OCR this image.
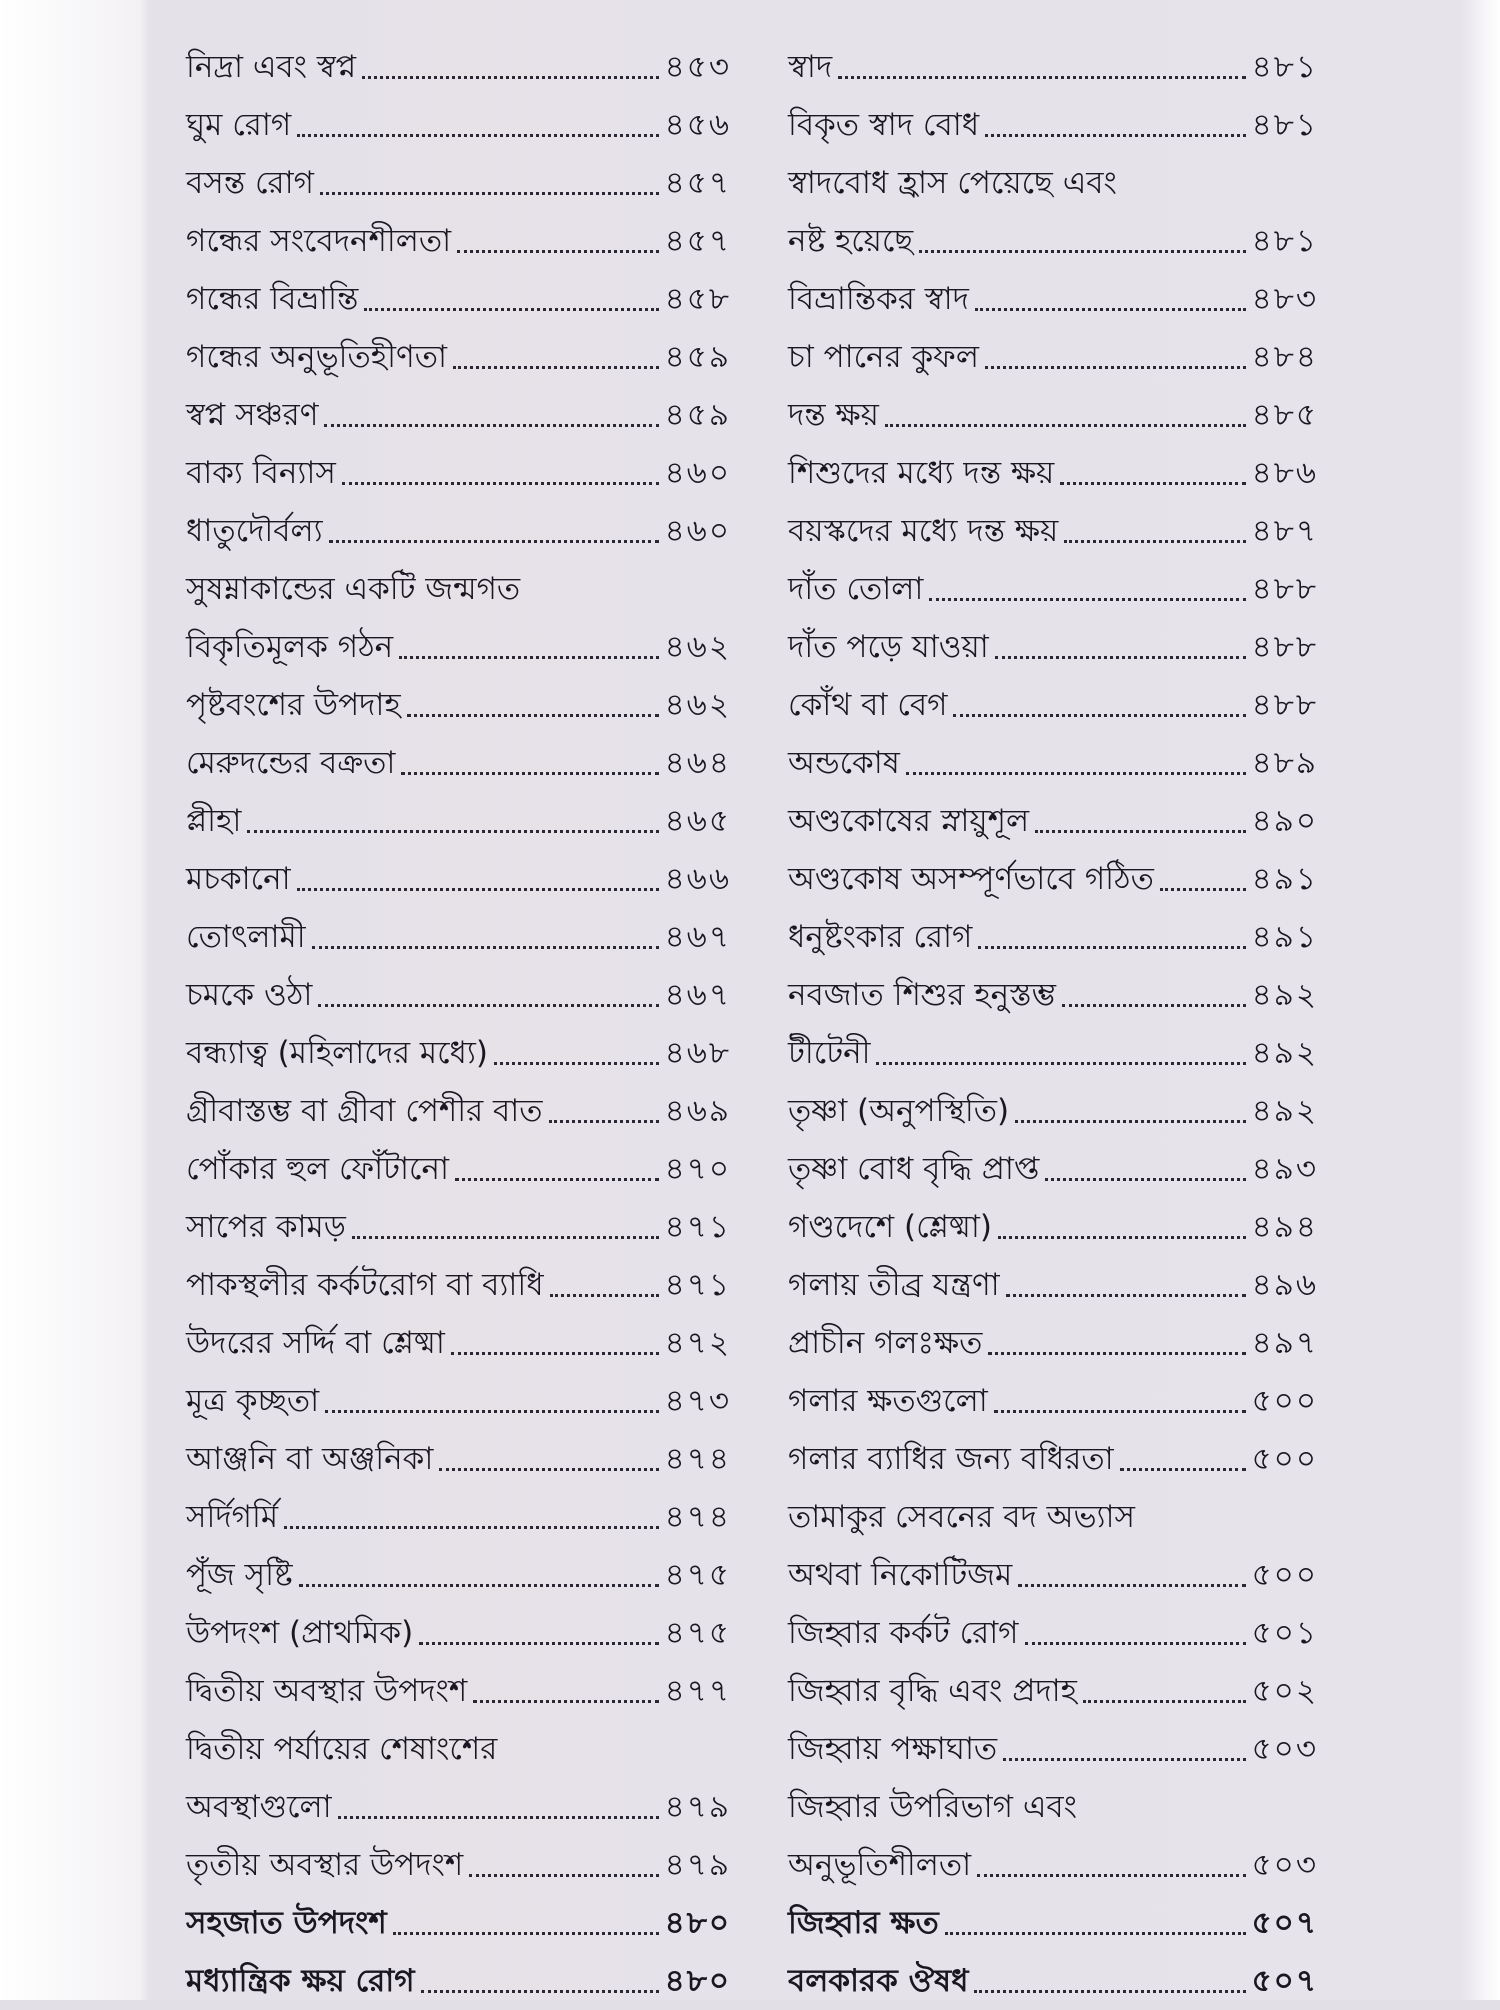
নিদ্রা এবং স্বপ্ন	৪৫৩
ঘুম রোগ	৪৫৬
বসন্ত রোগ	৪৫৭
গন্ধের সংবেদনশীলতা	৪৫৭
গন্ধের বিভ্রান্তি	৪৫৮
গন্ধের অনুভূতিহীণতা	৪৫৯
স্বপ্ন সঞ্চরণ	৪৫৯
বাক্য বিন্যাস	৪৬০
ধাতুদৌর্বল্য	৪৬০
সুষম্নাকান্ডের একটি জন্মগত
বিকৃতিমূলক গঠন	৪৬২
পৃষ্টবংশের উপদাহ	৪৬২
মেরুদন্ডের বক্রতা	৪৬৪
প্লীহা	৪৬৫
মচকানো	৪৬৬
তোৎলামী	৪৬৭
চমকে ওঠা	৪৬৭
বন্ধ্যাত্ব (মহিলাদের মধ্যে)	৪৬৮
গ্রীবাস্তম্ভ বা গ্রীবা পেশীর বাত	৪৬৯
পোঁকার হুল ফোঁটানো	৪৭০
সাপের কামড়	৪৭১
পাকস্থলীর কর্কটরোগ বা ব্যাধি	৪৭১
উদরের সর্দ্দি বা শ্লেষ্মা	৪৭২
মূত্র কৃচ্ছতা	৪৭৩
আঞ্জনি বা অঞ্জনিকা	৪৭৪
সর্দিগর্মি	৪৭৪
পূঁজ সৃষ্টি	৪৭৫
উপদংশ (প্রাথমিক)	৪৭৫
দ্বিতীয় অবস্থার উপদংশ	৪৭৭
দ্বিতীয় পর্যায়ের শেষাংশের
অবস্থাগুলো	৪৭৯
তৃতীয় অবস্থার উপদংশ	৪৭৯
সহজাত উপদংশ	৪৮০
মধ্যান্ত্রিক ক্ষয় রোগ	৪৮০
স্বাদ	৪৮১
বিকৃত স্বাদ বোধ	৪৮১
স্বাদবোধ হ্রাস পেয়েছে এবং
নষ্ট হয়েছে	৪৮১
বিভ্রান্তিকর স্বাদ	৪৮৩
চা পানের কুফল	৪৮৪
দন্ত ক্ষয়	৪৮৫
শিশুদের মধ্যে দন্ত ক্ষয়	৪৮৬
বয়স্কদের মধ্যে দন্ত ক্ষয়	৪৮৭
দাঁত তোলা	৪৮৮
দাঁত পড়ে যাওয়া	৪৮৮
কোঁথ বা বেগ	৪৮৮
অন্ডকোষ	৪৮৯
অণ্ডকোষের স্নায়ুশূল	৪৯০
অণ্ডকোষ অসম্পূর্ণভাবে গঠিত	৪৯১
ধনুষ্টংকার রোগ	৪৯১
নবজাত শিশুর হনুস্তম্ভ	৪৯২
টীটেনী	৪৯২
তৃষ্ণা (অনুপস্থিতি)	৪৯২
তৃষ্ণা বোধ বৃদ্ধি প্রাপ্ত	৪৯৩
গণ্ডদেশে (শ্লেষ্মা)	৪৯৪
গলায় তীব্র যন্ত্রণা	৪৯৬
প্রাচীন গলঃক্ষত	৪৯৭
গলার ক্ষতগুলো	৫০০
গলার ব্যাধির জন্য বধিরতা	৫০০
তামাকুর সেবনের বদ অভ্যাস
অথবা নিকোটিজম	৫০০
জিহ্বার কর্কট রোগ	৫০১
জিহ্বার বৃদ্ধি এবং প্রদাহ	৫০২
জিহ্বায় পক্ষাঘাত	৫০৩
জিহ্বার উপরিভাগ এবং
অনুভূতিশীলতা	৫০৩
জিহ্বার ক্ষত	৫০৭
বলকারক ঔষধ	৫০৭
